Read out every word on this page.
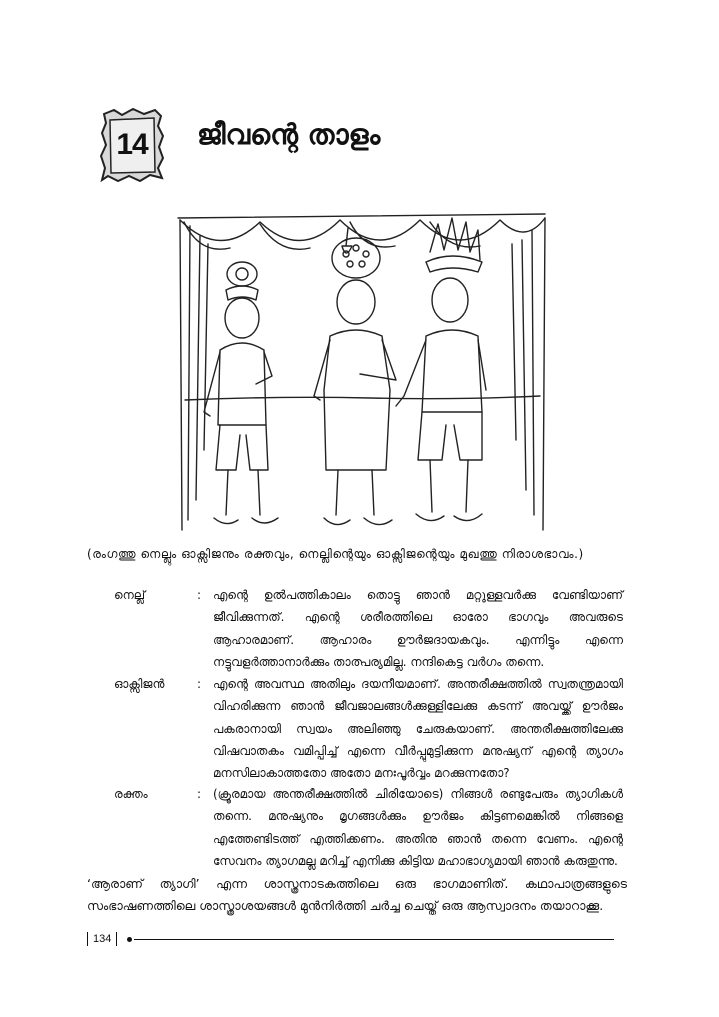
14	ജീവന്റെ താളം
(രംഗത്തു നെല്ലും ഓക്സിജനും രക്തവും, നെല്ലിന്റെയും ഓക്സിജന്റെയും മുഖത്തു നിരാശഭാവം.)
നെല്ല്	: എന്റെ ഉൽപത്തികാലം തൊട്ടു ഞാൻ മറ്റുള്ളവർക്കു വേണ്ടിയാണ് ജീവിക്കുന്നത്. എന്റെ ശരീരത്തിലെ ഓരോ ഭാഗവും അവരുടെ ആഹാരമാണ്. ആഹാരം ഊർജദായകവും. എന്നിട്ടും എന്നെ നട്ടുവളർത്താനാർക്കും താത്പര്യമില്ല. നന്ദികെട്ട വർഗം തന്നെ.
ഓക്സിജൻ	: എന്റെ അവസ്ഥ അതിലും ദയനീയമാണ്. അന്തരീക്ഷത്തിൽ സ്വതന്ത്രമായി വിഹരിക്കുന്ന ഞാൻ ജീവജാലങ്ങൾക്കുള്ളിലേക്കു കടന്ന് അവയ്ക്ക് ഊർജം പകരാനായി സ്വയം അലിഞ്ഞു ചേരുകയാണ്. അന്തരീക്ഷത്തിലേക്കു വിഷവാതകം വമിപ്പിച്ച് എന്നെ വീർപ്പുമുട്ടിക്കുന്ന മനുഷ്യന് എന്റെ ത്യാഗം മനസിലാകാത്തതോ അതോ മനഃപൂർവ്വം മറക്കുന്നതോ?
രക്തം	: (ക്രൂരമായ അന്തരീക്ഷത്തിൽ ചിരിയോടെ) നിങ്ങൾ രണ്ടുപേരും ത്യാഗികൾ തന്നെ. മനുഷ്യനും മൃഗങ്ങൾക്കും ഊർജം കിട്ടണമെങ്കിൽ നിങ്ങളെ എത്തേണ്ടിടത്ത് എത്തിക്കണം. അതിനു ഞാൻ തന്നെ വേണം. എന്റെ സേവനം ത്യാഗമല്ല മറിച്ച് എനിക്കു കിട്ടിയ മഹാഭാഗ്യമായി ഞാൻ കരുതുന്നു.
‘ആരാണ് ത്യാഗി’ എന്ന ശാസ്ത്രനാടകത്തിലെ ഒരു ഭാഗമാണിത്. കഥാപാത്രങ്ങളുടെ സംഭാഷണത്തിലെ ശാസ്ത്രാശയങ്ങൾ മുൻനിർത്തി ചർച്ച ചെയ്ത് ഒരു ആസ്വാദനം തയാറാക്കൂ.
134
